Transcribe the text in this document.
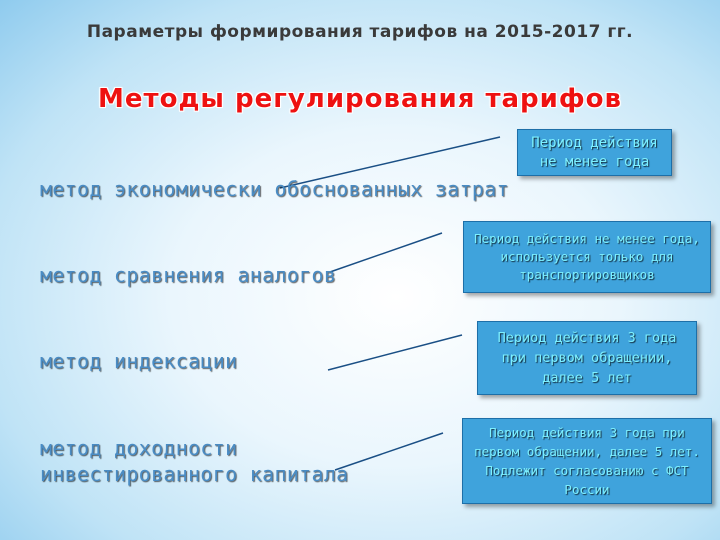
Параметры формирования тарифов на 2015-2017 гг.
Методы регулирования тарифов
метод экономически обоснованных затрат
метод сравнения аналогов
метод индексации
метод доходности инвестированного капитала
Период действия не менее года
Период действия не менее года, используется только для транспортировщиков
Период действия 3 года при первом обращении, далее 5 лет
Период действия 3 года при первом обращении, далее 5 лет. Подлежит согласованию с ФСТ России
